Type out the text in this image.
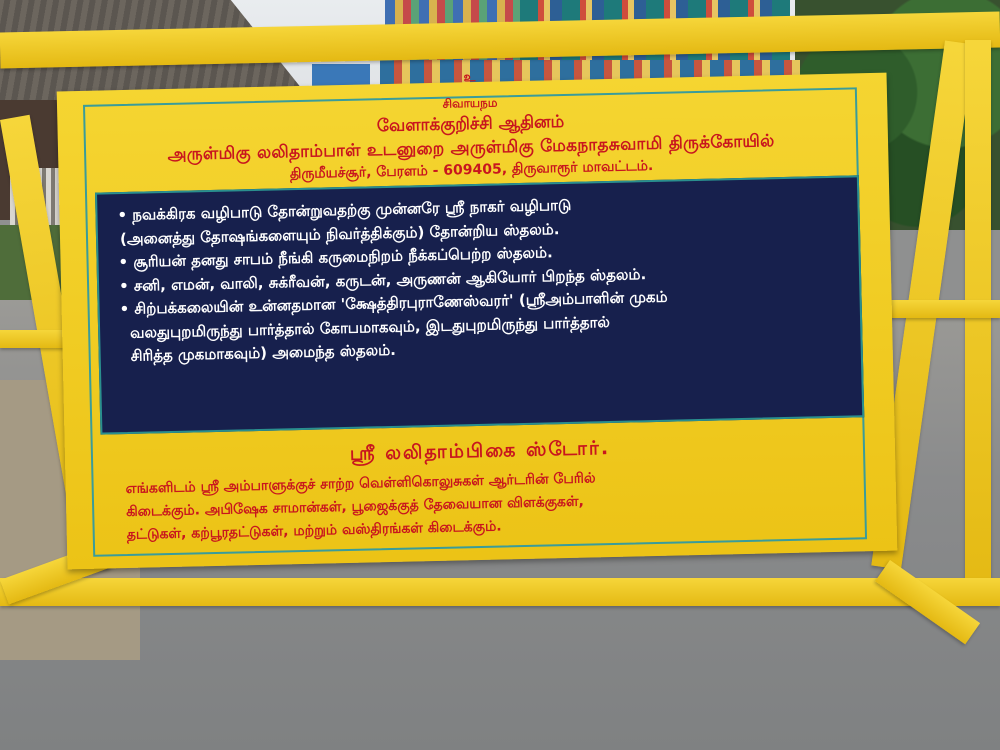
உ
சிவாயநம
வேளாக்குறிச்சி ஆதினம்
அருள்மிகு லலிதாம்பாள் உடனுறை அருள்மிகு மேகநாதசுவாமி திருக்கோயில்
திருமீயச்சூர், பேரளம் - 609405, திருவாரூர் மாவட்டம்.
• நவக்கிரக வழிபாடு தோன்றுவதற்கு முன்னரே ஸ்ரீ நாகர் வழிபாடு
(அனைத்து தோஷங்களையும் நிவர்த்திக்கும்) தோன்றிய ஸ்தலம்.
• சூரியன் தனது சாபம் நீங்கி கருமைநிறம் நீக்கப்பெற்ற ஸ்தலம்.
• சனி, எமன், வாலி, சுக்ரீவன், கருடன், அருணன் ஆகியோர் பிறந்த ஸ்தலம்.
• சிற்பக்கலையின் உன்னதமான 'க்ஷேத்திரபுராணேஸ்வரர்' (ஸ்ரீஅம்பாளின் முகம்
வலதுபுறமிருந்து பார்த்தால் கோபமாகவும், இடதுபுறமிருந்து பார்த்தால்
சிரித்த முகமாகவும்) அமைந்த ஸ்தலம்.
ஸ்ரீ லலிதாம்பிகை ஸ்டோர்.
எங்களிடம் ஸ்ரீ அம்பாளுக்குச் சாற்ற வெள்ளிகொலுசுகள் ஆர்டரின் பேரில்
கிடைக்கும். அபிஷேக சாமான்கள், பூஜைக்குத் தேவையான விளக்குகள்,
தட்டுகள், கற்பூரதட்டுகள், மற்றும் வஸ்திரங்கள் கிடைக்கும்.
